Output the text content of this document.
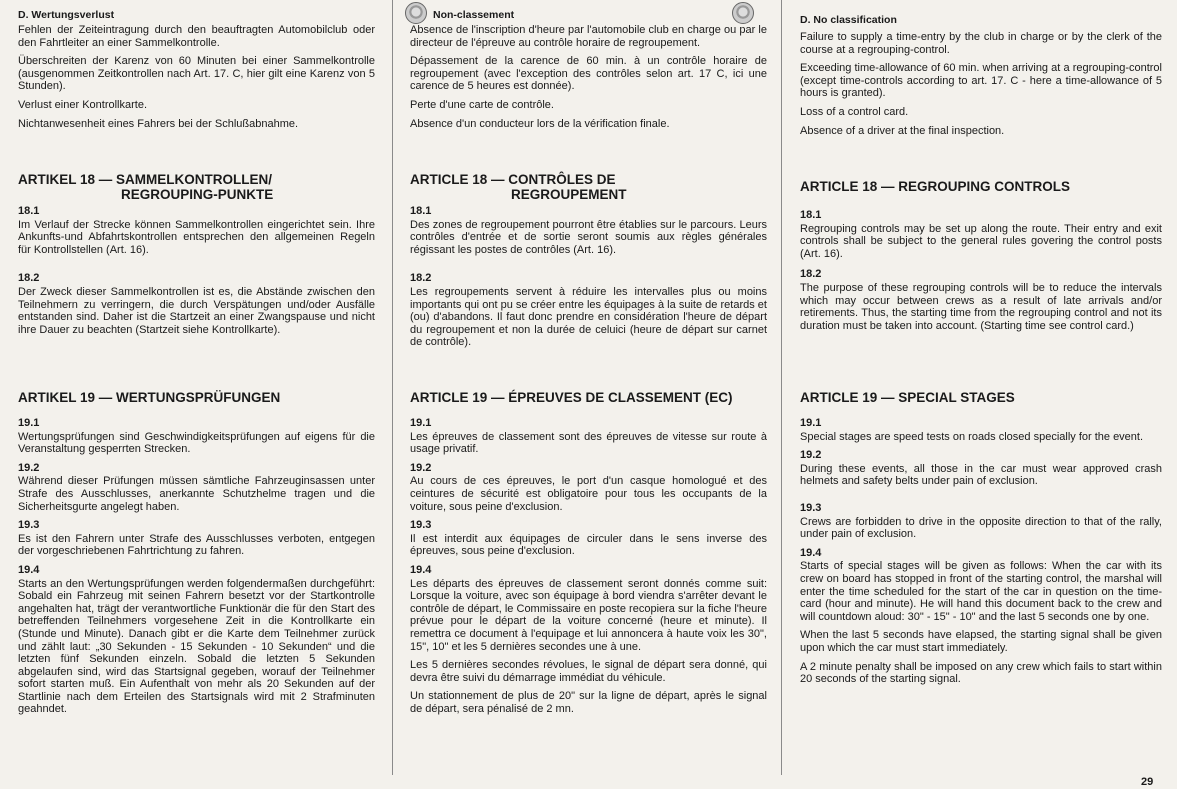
D. Wertungsverlust

Fehlen der Zeiteintragung durch den beauftragten Automobilclub oder den Fahrtleiter an einer Sammelkontrolle.

Überschreiten der Karenz von 60 Minuten bei einer Sammelkontrolle (ausgenommen Zeitkontrollen nach Art. 17. C, hier gilt eine Karenz von 5 Stunden).

Verlust einer Kontrollkarte.

Nichtanwesenheit eines Fahrers bei der Schlußabnahme.

ARTIKEL 18 — SAMMELKONTROLLEN/
REGROUPING-PUNKTE
18.1

Im Verlauf der Strecke können Sammelkontrollen eingerichtet sein. Ihre Ankunfts-und Abfahrtskontrollen entsprechen den allgemeinen Regeln für Kontrollstellen (Art. 16).

18.2

Der Zweck dieser Sammelkontrollen ist es, die Abstände zwischen den Teilnehmern zu verringern, die durch Verspätungen und/oder Ausfälle entstanden sind. Daher ist die Startzeit an einer Zwangspause und nicht ihre Dauer zu beachten (Startzeit siehe Kontrollkarte).

ARTIKEL 19 — WERTUNGSPRÜFUNGEN
19.1

Wertungsprüfungen sind Geschwindigkeitsprüfungen auf eigens für die Veranstaltung gesperrten Strecken.

19.2

Während dieser Prüfungen müssen sämtliche Fahrzeuginsassen unter Strafe des Ausschlusses, anerkannte Schutzhelme tragen und die Sicherheitsgurte angelegt haben.

19.3

Es ist den Fahrern unter Strafe des Ausschlusses verboten, entgegen der vorgeschriebenen Fahrtrichtung zu fahren.

19.4

Starts an den Wertungsprüfungen werden folgendermaßen durchgeführt: Sobald ein Fahrzeug mit seinen Fahrern besetzt vor der Startkontrolle angehalten hat, trägt der verantwortliche Funktionär die für den Start des betreffenden Teilnehmers vorgesehene Zeit in die Kontrollkarte ein (Stunde und Minute). Danach gibt er die Karte dem Teilnehmer zurück und zählt laut: „30 Sekunden - 15 Sekunden - 10 Sekunden“ und die letzten fünf Sekunden einzeln. Sobald die letzten 5 Sekunden abgelaufen sind, wird das Startsignal gegeben, worauf der Teilnehmer sofort starten muß. Ein Aufenthalt von mehr als 20 Sekunden auf der Startlinie nach dem Erteilen des Startsignals wird mit 2 Strafminuten geahndet.

Non-classement

Absence de l'inscription d'heure par l'automobile club en charge ou par le directeur de l'épreuve au contrôle horaire de regroupement.

Dépassement de la carence de 60 min. à un contrôle horaire de regroupement (avec l'exception des contrôles selon art. 17 C, ici une carence de 5 heures est donnée).

Perte d'une carte de contrôle.

Absence d'un conducteur lors de la vérification finale.

ARTICLE 18 — CONTRÔLES DE
REGROUPEMENT
18.1

Des zones de regroupement pourront être établies sur le parcours. Leurs contrôles d'entrée et de sortie seront soumis aux règles générales régissant les postes de contrôles (Art. 16).

18.2

Les regroupements servent à réduire les intervalles plus ou moins importants qui ont pu se créer entre les équipages à la suite de retards et (ou) d'abandons. Il faut donc prendre en considération l'heure de départ du regroupement et non la durée de celuici (heure de départ sur carnet de contrôle).

ARTICLE 19 — ÉPREUVES DE CLASSEMENT (EC)
19.1

Les épreuves de classement sont des épreuves de vitesse sur route à usage privatif.

19.2

Au cours de ces épreuves, le port d'un casque homologué et des ceintures de sécurité est obligatoire pour tous les occupants de la voiture, sous peine d'exclusion.

19.3

Il est interdit aux équipages de circuler dans le sens inverse des épreuves, sous peine d'exclusion.

19.4

Les départs des épreuves de classement seront donnés comme suit: Lorsque la voiture, avec son équipage à bord viendra s'arrêter devant le contrôle de départ, le Commissaire en poste recopiera sur la fiche l'heure prévue pour le départ de la voiture concerné (heure et minute). Il remettra ce document à l'equipage et lui annoncera à haute voix les 30", 15", 10" et les 5 dernières secondes une à une.

Les 5 dernières secondes révolues, le signal de départ sera donné, qui devra être suivi du démarrage immédiat du véhicule.

Un stationnement de plus de 20" sur la ligne de départ, après le signal de départ, sera pénalisé de 2 mn.

D. No classification

Failure to supply a time-entry by the club in charge or by the clerk of the course at a regrouping-control.

Exceeding time-allowance of 60 min. when arriving at a regrouping-control (except time-controls according to art. 17. C - here a time-allowance of 5 hours is granted).

Loss of a control card.

Absence of a driver at the final inspection.

ARTICLE 18 — REGROUPING CONTROLS
18.1

Regrouping controls may be set up along the route. Their entry and exit controls shall be subject to the general rules govering the control posts (Art. 16).

18.2

The purpose of these regrouping controls will be to reduce the intervals which may occur between crews as a result of late arrivals and/or retirements. Thus, the starting time from the regrouping control and not its duration must be taken into account. (Starting time see control card.)

ARTICLE 19 — SPECIAL STAGES
19.1

Special stages are speed tests on roads closed specially for the event.

19.2

During these events, all those in the car must wear approved crash helmets and safety belts under pain of exclusion.

19.3

Crews are forbidden to drive in the opposite direction to that of the rally, under pain of exclusion.

19.4

Starts of special stages will be given as follows: When the car with its crew on board has stopped in front of the starting control, the marshal will enter the time scheduled for the start of the car in question on the time-card (hour and minute). He will hand this document back to the crew and will countdown aloud: 30" - 15" - 10" and the last 5 seconds one by one.

When the last 5 seconds have elapsed, the starting signal shall be given upon which the car must start immediately.

A 2 minute penalty shall be imposed on any crew which fails to start within 20 seconds of the starting signal.

29
